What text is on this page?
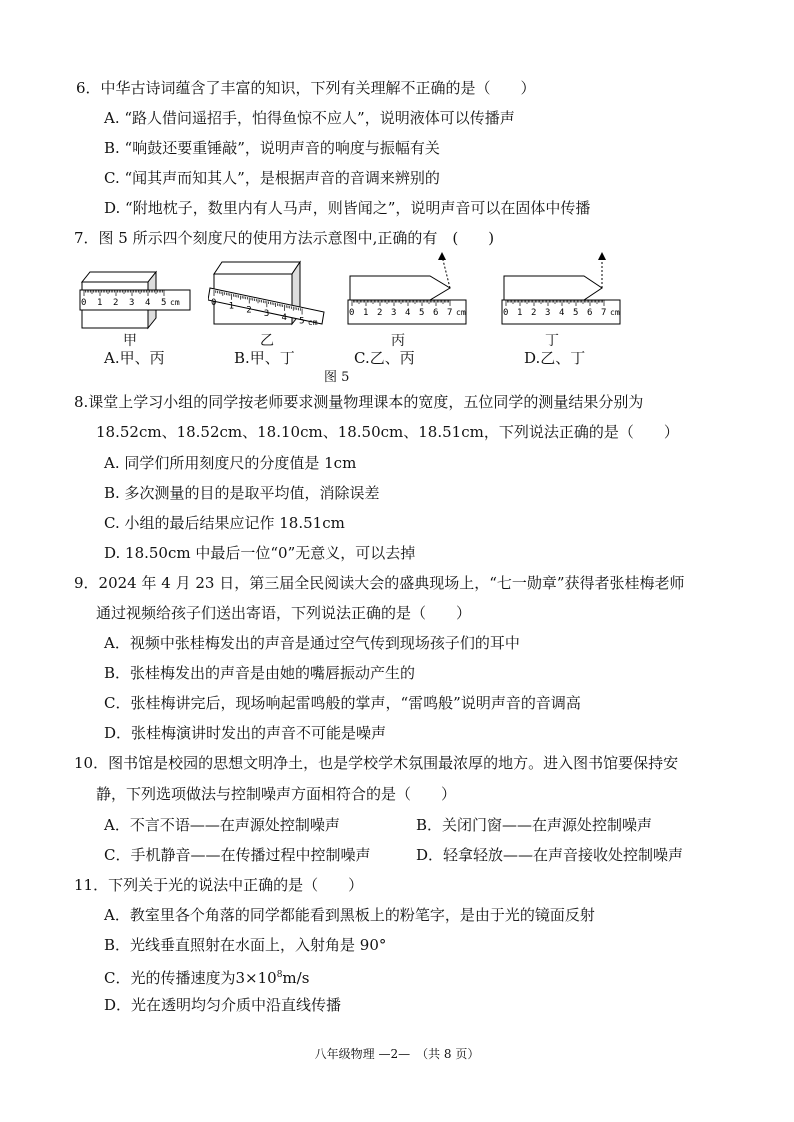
6．中华古诗词蕴含了丰富的知识，下列有关理解不正确的是（　　）
A. “路人借问遥招手，怕得鱼惊不应人”，说明液体可以传播声
B. “响鼓还要重锤敲”，说明声音的响度与振幅有关
C. “闻其声而知其人”，是根据声音的音调来辨别的
D. “附地枕子，数里内有人马声，则皆闻之”，说明声音可以在固体中传播
7．图 5 所示四个刻度尺的使用方法示意图中,正确的有　(　　)
0 1 2 3 4 5 cm
甲
0 1 2 3 4 5 cm
乙
0 1 2 3 4 5 6 7 cm
丙
0 1 2 3 4 5 6 7 cm
丁
A.甲、丙	B.甲、丁	C.乙、丙	D.乙、丁
图 5
8.课堂上学习小组的同学按老师要求测量物理课本的宽度，五位同学的测量结果分别为
18.52cm、18.52cm、18.10cm、18.50cm、18.51cm，下列说法正确的是（　　）
A. 同学们所用刻度尺的分度值是 1cm
B. 多次测量的目的是取平均值，消除误差
C. 小组的最后结果应记作 18.51cm
D. 18.50cm 中最后一位“0”无意义，可以去掉
9．2024 年 4 月 23 日，第三届全民阅读大会的盛典现场上，“七一勋章”获得者张桂梅老师
通过视频给孩子们送出寄语，下列说法正确的是（　　）
A．视频中张桂梅发出的声音是通过空气传到现场孩子们的耳中
B．张桂梅发出的声音是由她的嘴唇振动产生的
C．张桂梅讲完后，现场响起雷鸣般的掌声，“雷鸣般”说明声音的音调高
D．张桂梅演讲时发出的声音不可能是噪声
10．图书馆是校园的思想文明净土，也是学校学术氛围最浓厚的地方。进入图书馆要保持安
静，下列选项做法与控制噪声方面相符合的是（　　）
A．不言不语——在声源处控制噪声	B．关闭门窗——在声源处控制噪声
C．手机静音——在传播过程中控制噪声	D．轻拿轻放——在声音接收处控制噪声
11．下列关于光的说法中正确的是（　　）
A．教室里各个角落的同学都能看到黑板上的粉笔字，是由于光的镜面反射
B．光线垂直照射在水面上，入射角是 90°
C．光的传播速度为$3\times 10^8m/s$
D．光在透明均匀介质中沿直线传播
八年级物理 —2—　（共 8 页）
